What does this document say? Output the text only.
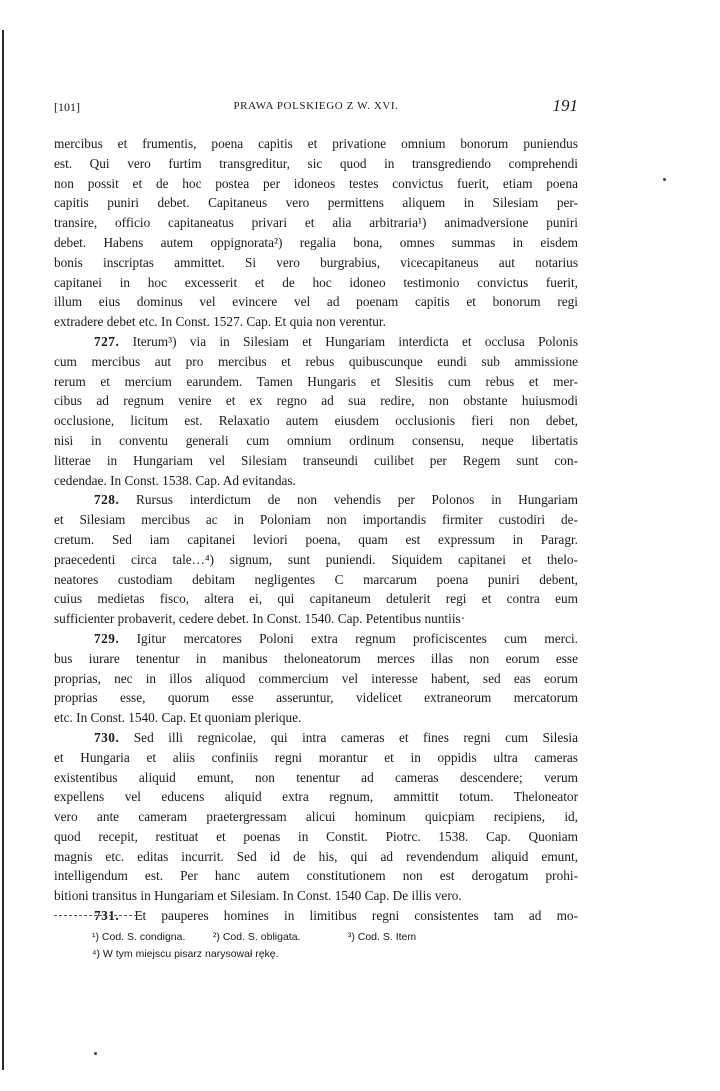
[101]	PRAWA POLSKIEGO Z W. XVI.	191
mercibus et frumentis, poena capitis et privatione omnium bonorum puniendus
est. Qui vero furtim transgreditur, sic quod in transgrediendo comprehendi
non possit et de hoc postea per idoneos testes convictus fuerit, etiam poena
capitis puniri debet. Capitaneus vero permittens aliquem in Silesiam per-
transire, officio capitaneatus privari et alia arbitraria¹) animadversione puniri
debet. Habens autem oppignorata²) regalia bona, omnes summas in eisdem
bonis inscriptas ammittet. Si vero burgrabius, vicecapitaneus aut notarius
capitanei in hoc excesserit et de hoc idoneo testimonio convictus fuerit,
illum eius dominus vel evincere vel ad poenam capitis et bonorum regi
extradere debet etc. In Const. 1527. Cap. Et quia non verentur.
727. Iterum³) via in Silesiam et Hungariam interdicta et occlusa Polonis
cum mercibus aut pro mercibus et rebus quibuscunque eundi sub ammissione
rerum et mercium earundem. Tamen Hungaris et Slesitis cum rebus et mer-
cibus ad regnum venire et ex regno ad sua redire, non obstante huiusmodi
occlusione, licitum est. Relaxatio autem eiusdem occlusionis fieri non debet,
nisi in conventu generali cum omnium ordinum consensu, neque libertatis
litterae in Hungariam vel Silesiam transeundi cuilibet per Regem sunt con-
cedendae. In Const. 1538. Cap. Ad evitandas.
728. Rursus interdictum de non vehendis per Polonos in Hungariam
et Silesiam mercibus ac in Poloniam non importandis firmiter custodiri de-
cretum. Sed iam capitanei leviori poena, quam est expressum in Paragr.
praecedenti circa tale…⁴) signum, sunt puniendi. Siquidem capitanei et thelo-
neatores custodiam debitam negligentes C marcarum poena puniri debent,
cuius medietas fisco, altera ei, qui capitaneum detulerit regi et contra eum
sufficienter probaverit, cedere debet. In Const. 1540. Cap. Petentibus nuntiis·
729. Igitur mercatores Poloni extra regnum proficiscentes cum merci.
bus iurare tenentur in manibus theloneatorum merces illas non eorum esse
proprias, nec in illos aliquod commercium vel interesse habent, sed eas eorum
proprias esse, quorum esse asseruntur, videlicet extraneorum mercatorum
etc. In Const. 1540. Cap. Et quoniam plerique.
730. Sed illi regnicolae, qui intra cameras et fines regni cum Silesia
et Hungaria et aliis confiniis regni morantur et in oppidis ultra cameras
existentibus aliquid emunt, non tenentur ad cameras descendere; verum
expellens vel educens aliquid extra regnum, ammittit totum. Theloneator
vero ante cameram praetergressam alicui hominum quicpiam recipiens, id,
quod recepit, restituat et poenas in Constit. Piotrc. 1538. Cap. Quoniam
magnis etc. editas incurrit. Sed id de his, qui ad revendendum aliquid emunt,
intelligendum est. Per hanc autem constitutionem non est derogatum prohi-
bitioni transitus in Hungariam et Silesiam. In Const. 1540 Cap. De illis vero.
731. Et pauperes homines in limitibus regni consistentes tam ad mo-
¹) Cod. S. condigna.	²) Cod. S. obligata.	³) Cod. S. Item
⁴) W tym miejscu pisarz narysował rękę.
